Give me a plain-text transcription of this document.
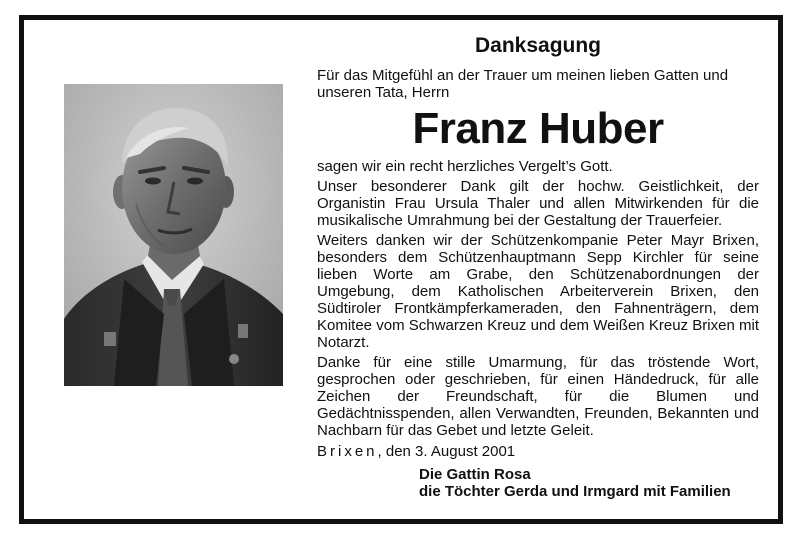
Danksagung
Für das Mitgefühl an der Trauer um meinen lieben Gatten und unseren Tata, Herrn
Franz Huber
sagen wir ein recht herzliches Vergelt’s Gott.
Unser besonderer Dank gilt der hochw. Geistlichkeit, der Organistin Frau Ursula Thaler und allen Mitwirkenden für die musikalische Umrahmung bei der Gestaltung der Trauerfeier.
Weiters danken wir der Schützenkompanie Peter Mayr Brixen, besonders dem Schützenhauptmann Sepp Kirchler für seine lieben Worte am Grabe, den Schützenabordnungen der Umgebung, dem Katholischen Arbeiterverein Brixen, den Südtiroler Frontkämpferkameraden, den Fahnenträgern, dem Komitee vom Schwarzen Kreuz und dem Weißen Kreuz Brixen mit Notarzt.
Danke für eine stille Umarmung, für das tröstende Wort, gesprochen oder geschrieben, für einen Händedruck, für alle Zeichen der Freundschaft, für die Blumen und Gedächtnisspenden, allen Verwandten, Freunden, Bekannten und Nachbarn für das Gebet und letzte Geleit.
Brixen, den 3. August 2001
Die Gattin Rosa
die Töchter Gerda und Irmgard mit Familien
